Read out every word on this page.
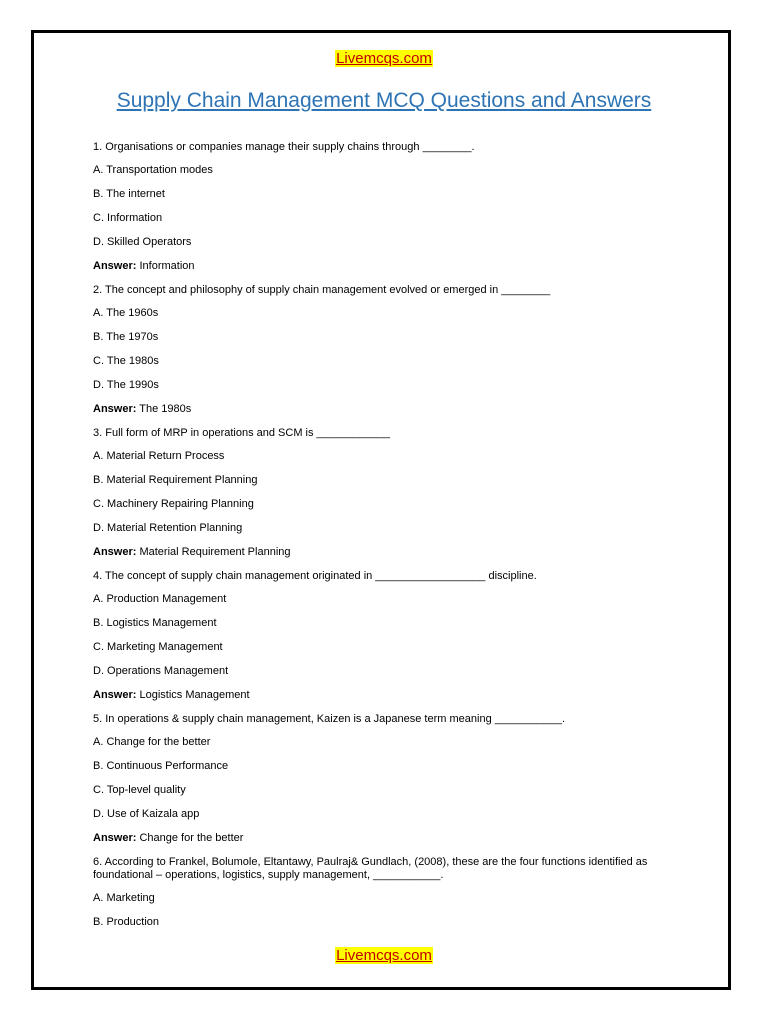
Livemcqs.com
Supply Chain Management MCQ Questions and Answers
1. Organisations or companies manage their supply chains through ________.
A. Transportation modes
B. The internet
C. Information
D. Skilled Operators
Answer: Information
2. The concept and philosophy of supply chain management evolved or emerged in ________
A. The 1960s
B. The 1970s
C. The 1980s
D. The 1990s
Answer: The 1980s
3. Full form of MRP in operations and SCM is ____________
A. Material Return Process
B. Material Requirement Planning
C. Machinery Repairing Planning
D. Material Retention Planning
Answer: Material Requirement Planning
4. The concept of supply chain management originated in __________________ discipline.
A. Production Management
B. Logistics Management
C. Marketing Management
D. Operations Management
Answer: Logistics Management
5. In operations & supply chain management, Kaizen is a Japanese term meaning ___________.
A. Change for the better
B. Continuous Performance
C. Top-level quality
D. Use of Kaizala app
Answer: Change for the better
6. According to Frankel, Bolumole, Eltantawy, Paulraj& Gundlach, (2008), these are the four functions identified as foundational – operations, logistics, supply management, ___________.
A. Marketing
B. Production
Livemcqs.com
